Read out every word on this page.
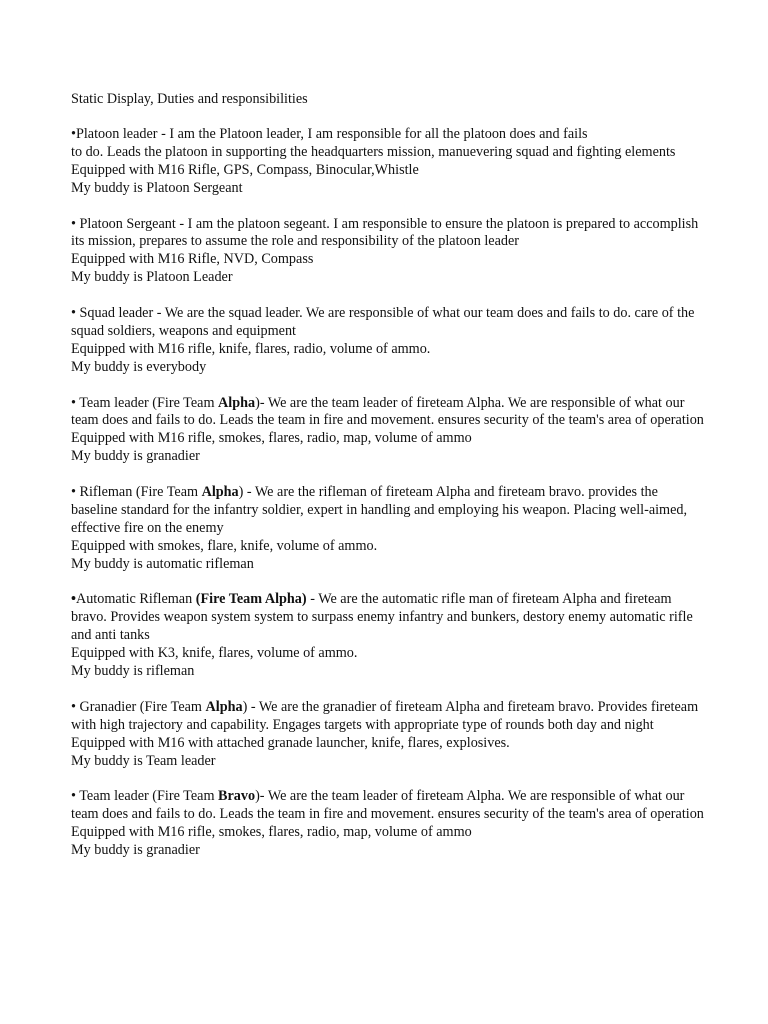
Static Display, Duties and responsibilities

•Platoon leader - I am the Platoon leader, I am responsible for all the platoon does and fails

to do. Leads the platoon in supporting the headquarters mission, manuevering squad and fighting elements

Equipped with M16 Rifle, GPS, Compass, Binocular,Whistle

My buddy is Platoon Sergeant

• Platoon Sergeant - I am the platoon segeant. I am responsible to ensure the platoon is prepared to accomplish its mission, prepares to assume the role and responsibility of the platoon leader

Equipped with M16 Rifle, NVD, Compass

My buddy is Platoon Leader

• Squad leader - We are the squad leader. We are responsible of what our team does and fails to do. care of the squad soldiers, weapons and equipment

Equipped with M16 rifle, knife, flares, radio, volume of ammo.

My buddy is everybody

• Team leader (Fire Team Alpha)- We are the team leader of fireteam Alpha. We are responsible of what our team does and fails to do. Leads the team in fire and movement. ensures security of the team's area of operation

Equipped with M16 rifle, smokes, flares, radio, map, volume of ammo

My buddy is granadier

• Rifleman (Fire Team Alpha) - We are the rifleman of fireteam Alpha and fireteam bravo. provides the baseline standard for the infantry soldier, expert in handling and employing his weapon. Placing well-aimed, effective fire on the enemy

Equipped with smokes, flare, knife, volume of ammo.

My buddy is automatic rifleman

•Automatic Rifleman (Fire Team Alpha) - We are the automatic rifle man of fireteam Alpha and fireteam bravo. Provides weapon system system to surpass enemy infantry and bunkers, destory enemy automatic rifle and anti tanks

Equipped with K3, knife, flares, volume of ammo.

My buddy is rifleman

• Granadier (Fire Team Alpha) - We are the granadier of fireteam Alpha and fireteam bravo. Provides fireteam with high trajectory and capability. Engages targets with appropriate type of rounds both day and night

Equipped with M16 with attached granade launcher, knife, flares, explosives.

My buddy is Team leader

• Team leader (Fire Team Bravo)- We are the team leader of fireteam Alpha. We are responsible of what our team does and fails to do. Leads the team in fire and movement. ensures security of the team's area of operation

Equipped with M16 rifle, smokes, flares, radio, map, volume of ammo

My buddy is granadier
